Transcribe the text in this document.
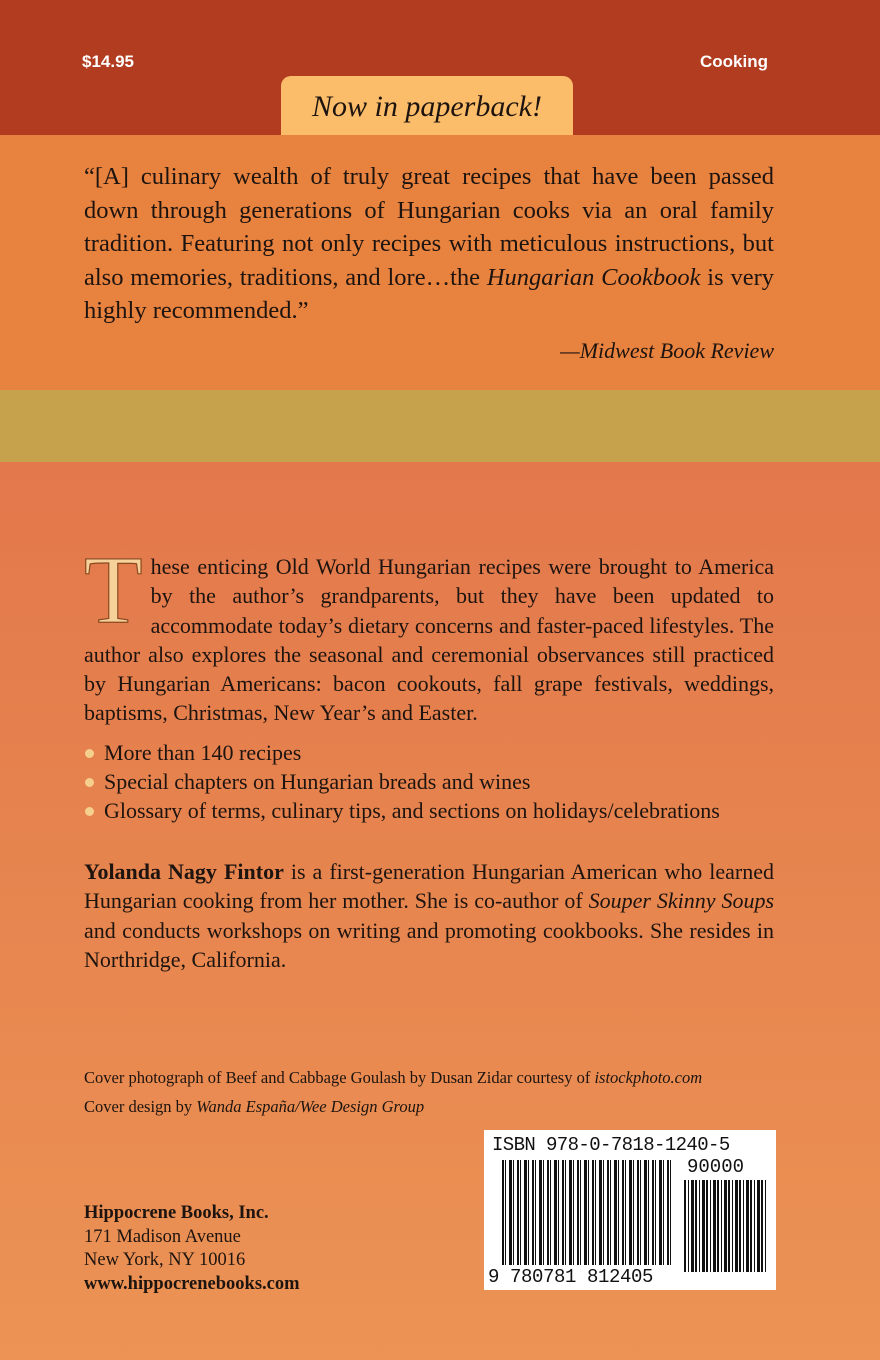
$14.95	Cooking
Now in paperback!
“[A] culinary wealth of truly great recipes that have been passed down through generations of Hungarian cooks via an oral family tradition. Featuring not only recipes with meticulous instructions, but also memories, traditions, and lore…the Hungarian Cookbook is very highly recommended.”
—Midwest Book Review
These enticing Old World Hungarian recipes were brought to America by the author’s grandparents, but they have been updated to accommodate today’s dietary concerns and faster-paced lifestyles. The author also explores the seasonal and ceremonial observances still practiced by Hungarian Americans: bacon cookouts, fall grape festivals, weddings, baptisms, Christmas, New Year’s and Easter.
More than 140 recipes
Special chapters on Hungarian breads and wines
Glossary of terms, culinary tips, and sections on holidays/celebrations
Yolanda Nagy Fintor is a first-generation Hungarian American who learned Hungarian cooking from her mother. She is co-author of Souper Skinny Soups and conducts workshops on writing and promoting cookbooks. She resides in Northridge, California.
Cover photograph of Beef and Cabbage Goulash by Dusan Zidar courtesy of istockphoto.com
Cover design by Wanda España/Wee Design Group
Hippocrene Books, Inc.
171 Madison Avenue
New York, NY 10016
www.hippocrenebooks.com
ISBN 978-0-7818-1240-5
90000
9 780781 812405
